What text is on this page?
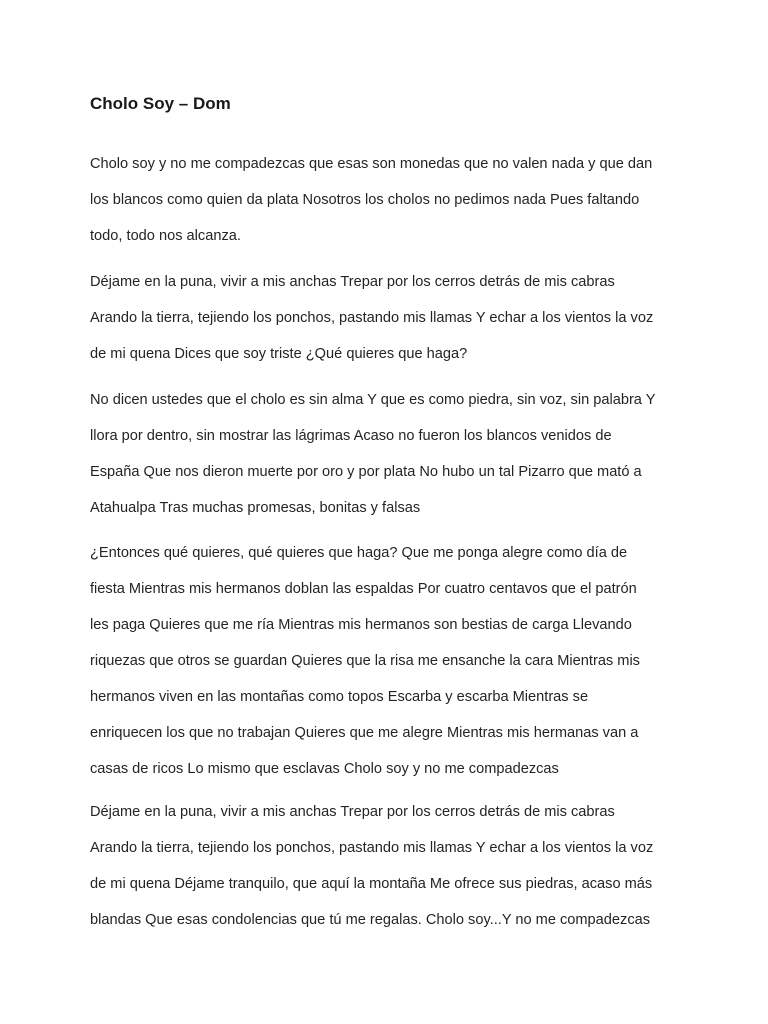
Cholo Soy – Dom

Cholo soy y no me compadezcas que esas son monedas que no valen nada y que dan
los blancos como quien da plata Nosotros los cholos no pedimos nada Pues faltando
todo, todo nos alcanza.

Déjame en la puna, vivir a mis anchas Trepar por los cerros detrás de mis cabras
Arando la tierra, tejiendo los ponchos, pastando mis llamas Y echar a los vientos la voz
de mi quena Dices que soy triste ¿Qué quieres que haga?

No dicen ustedes que el cholo es sin alma Y que es como piedra, sin voz, sin palabra Y
llora por dentro, sin mostrar las lágrimas Acaso no fueron los blancos venidos de
España Que nos dieron muerte por oro y por plata No hubo un tal Pizarro que mató a
Atahualpa Tras muchas promesas, bonitas y falsas

¿Entonces qué quieres, qué quieres que haga? Que me ponga alegre como día de
fiesta Mientras mis hermanos doblan las espaldas Por cuatro centavos que el patrón
les paga Quieres que me ría Mientras mis hermanos son bestias de carga Llevando
riquezas que otros se guardan Quieres que la risa me ensanche la cara Mientras mis
hermanos viven en las montañas como topos Escarba y escarba Mientras se
enriquecen los que no trabajan Quieres que me alegre Mientras mis hermanas van a
casas de ricos Lo mismo que esclavas Cholo soy y no me compadezcas

Déjame en la puna, vivir a mis anchas Trepar por los cerros detrás de mis cabras
Arando la tierra, tejiendo los ponchos, pastando mis llamas Y echar a los vientos la voz
de mi quena Déjame tranquilo, que aquí la montaña Me ofrece sus piedras, acaso más
blandas Que esas condolencias que tú me regalas. Cholo soy...Y no me compadezcas
